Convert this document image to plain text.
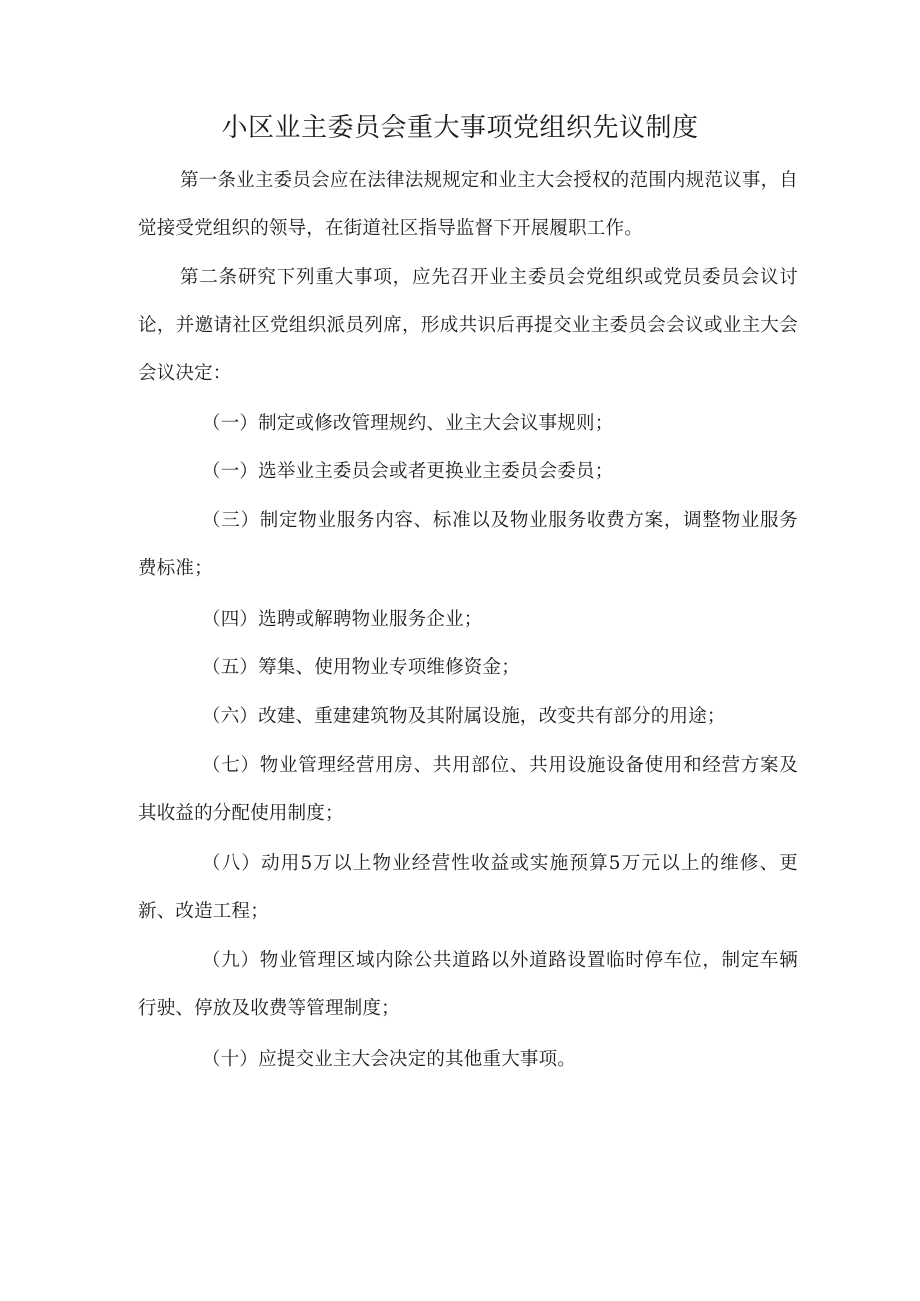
小区业主委员会重大事项党组织先议制度

第一条业主委员会应在法律法规规定和业主大会授权的范围内规范议事，自觉接受党组织的领导，在街道社区指导监督下开展履职工作。

第二条研究下列重大事项，应先召开业主委员会党组织或党员委员会议讨论，并邀请社区党组织派员列席，形成共识后再提交业主委员会会议或业主大会会议决定：

（一）制定或修改管理规约、业主大会议事规则；

（一）选举业主委员会或者更换业主委员会委员；

（三）制定物业服务内容、标准以及物业服务收费方案，调整物业服务费标准；

（四）选聘或解聘物业服务企业；

（五）筹集、使用物业专项维修资金；

（六）改建、重建建筑物及其附属设施，改变共有部分的用途；

（七）物业管理经营用房、共用部位、共用设施设备使用和经营方案及其收益的分配使用制度；

（八）动用5万以上物业经营性收益或实施预算5万元以上的维修、更新、改造工程；

（九）物业管理区域内除公共道路以外道路设置临时停车位，制定车辆行驶、停放及收费等管理制度；

（十）应提交业主大会决定的其他重大事项。
